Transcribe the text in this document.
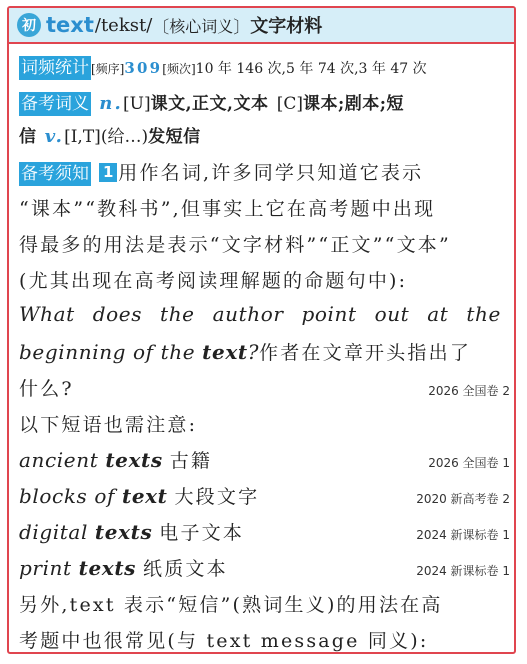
初 text /tekst/ 〔 核心词义 〕 文字材料
词频统计 [频序]309[频次]10 年 146 次,5 年 74 次,3 年 47 次
备考词义 n.[U]课文,正文,文本 [C]课本;剧本;短
信 v.[I,T](给…)发短信
备考须知 1 用作名词,许多同学只知道它表示
“课本”“教科书”,但事实上它在高考题中出现
得最多的用法是表示“文字材料”“正文”“文本”
(尤其出现在高考阅读理解题的命题句中):
What does the author point out at the
beginning of the text?作者在文章开头指出了
什么?	2026 全国卷 2
以下短语也需注意:
ancient texts 古籍	2026 全国卷 1
blocks of text 大段文字	2020 新高考卷 2
digital texts 电子文本	2024 新课标卷 1
print texts 纸质文本	2024 新课标卷 1
另外,text 表示“短信”(熟词生义)的用法在高
考题中也很常见(与 text message 同义):
